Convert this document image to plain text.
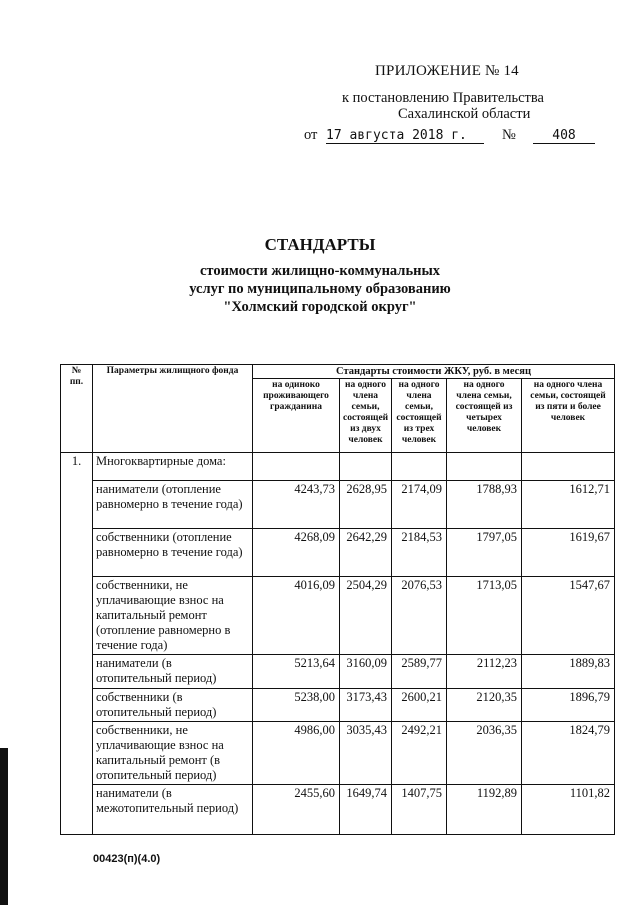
ПРИЛОЖЕНИЕ № 14
к постановлению Правительства
Сахалинской области
от 17 августа 2018 г.	№	408
СТАНДАРТЫ
стоимости жилищно-коммунальных
услуг по муниципальному образованию
"Холмский городской округ"
№ пп.	Параметры жилищного фонда	Стандарты стоимости ЖКУ, руб. в месяц				
		на одиноко проживающего гражданина	на одного члена семьи, состоящей из двух человек	на одного члена семьи, состоящей из трех человек	на одного члена семьи, состоящей из четырех человек	на одного члена семьи, состоящей из пяти и более человек
1.	Многоквартирные дома:					
	наниматели (отопление равномерно в течение года)	4243,73	2628,95	2174,09	1788,93	1612,71
	собственники (отопление равномерно в течение года)	4268,09	2642,29	2184,53	1797,05	1619,67
	собственники, не уплачивающие взнос на капитальный ремонт (отопление равномерно в течение года)	4016,09	2504,29	2076,53	1713,05	1547,67
	наниматели (в отопительный период)	5213,64	3160,09	2589,77	2112,23	1889,83
	собственники (в отопительный период)	5238,00	3173,43	2600,21	2120,35	1896,79
	собственники, не уплачивающие взнос на капитальный ремонт (в отопительный период)	4986,00	3035,43	2492,21	2036,35	1824,79
	наниматели (в межотопительный период)	2455,60	1649,74	1407,75	1192,89	1101,82
00423(п)(4.0)
